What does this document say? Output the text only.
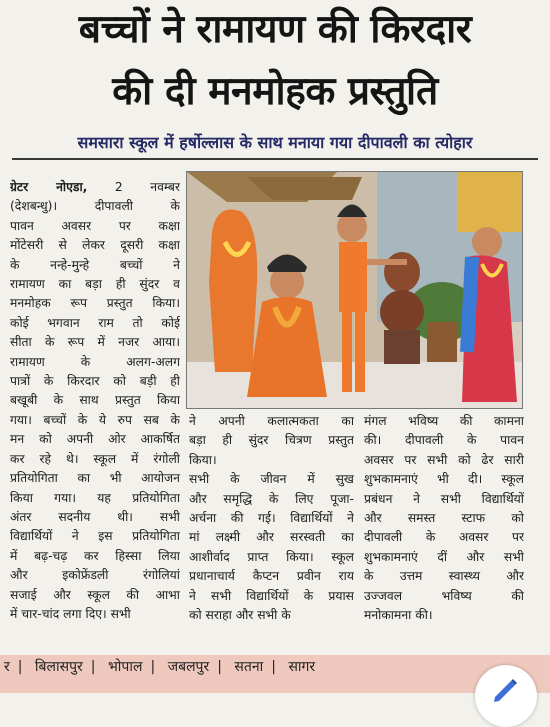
बच्चों ने रामायण की किरदार
की दी मनमोहक प्रस्तुति
समसारा स्कूल में हर्षोल्लास के साथ मनाया गया दीपावली का त्योहार
ग्रेटर नोएडा, 2 नवम्बर
(देशबन्धु)। दीपावली के
पावन अवसर पर कक्षा
मोंटेसरी से लेकर दूसरी कक्षा
के नन्हे-मुन्हे बच्चों ने
रामायण का बड़ा ही सुंदर व
मनमोहक रूप प्रस्तुत किया।
कोई भगवान राम तो कोई
सीता के रूप में नजर आया।
रामायण के अलग-अलग
पात्रों के किरदार को बड़ी ही
बखूबी के साथ प्रस्तुत किया
गया। बच्चों के ये रुप सब के
मन को अपनी ओर आकर्षित
कर रहे थे। स्कूल में रंगोली
प्रतियोगिता का भी आयोजन
किया गया। यह प्रतियोगिता
अंतर सदनीय थी। सभी
विद्यार्थियों ने इस प्रतियोगिता
में बढ़-चढ़ कर हिस्सा लिया
और इकोफ्रेंडली रंगोलियां
सजाई और स्कूल की आभा
में चार-चांद लगा दिए। सभी
ने अपनी कलात्मकता का
बड़ा ही सुंदर चित्रण प्रस्तुत
किया।
सभी के जीवन में सुख
और समृद्धि के लिए पूजा-
अर्चना की गई। विद्यार्थियों ने
मां लक्ष्मी और सरस्वती का
आशीर्वाद प्राप्त किया। स्कूल
प्रधानाचार्य कैप्टन प्रवीन राय
ने सभी विद्यार्थियों के प्रयास
को सराहा और सभी के
मंगल भविष्य की कामना
की। दीपावली के पावन
अवसर पर सभी को ढेर सारी
शुभकामनाएं भी दी। स्कूल
प्रबंधन ने सभी विद्यार्थियों
और समस्त स्टाफ को
दीपावली के अवसर पर
शुभकामनाएं दीं और सभी
के उत्तम स्वास्थ्य और
उज्जवल भविष्य की
मनोकामना की।
र | बिलासपुर | भोपाल | जबलपुर | सतना | सागर
